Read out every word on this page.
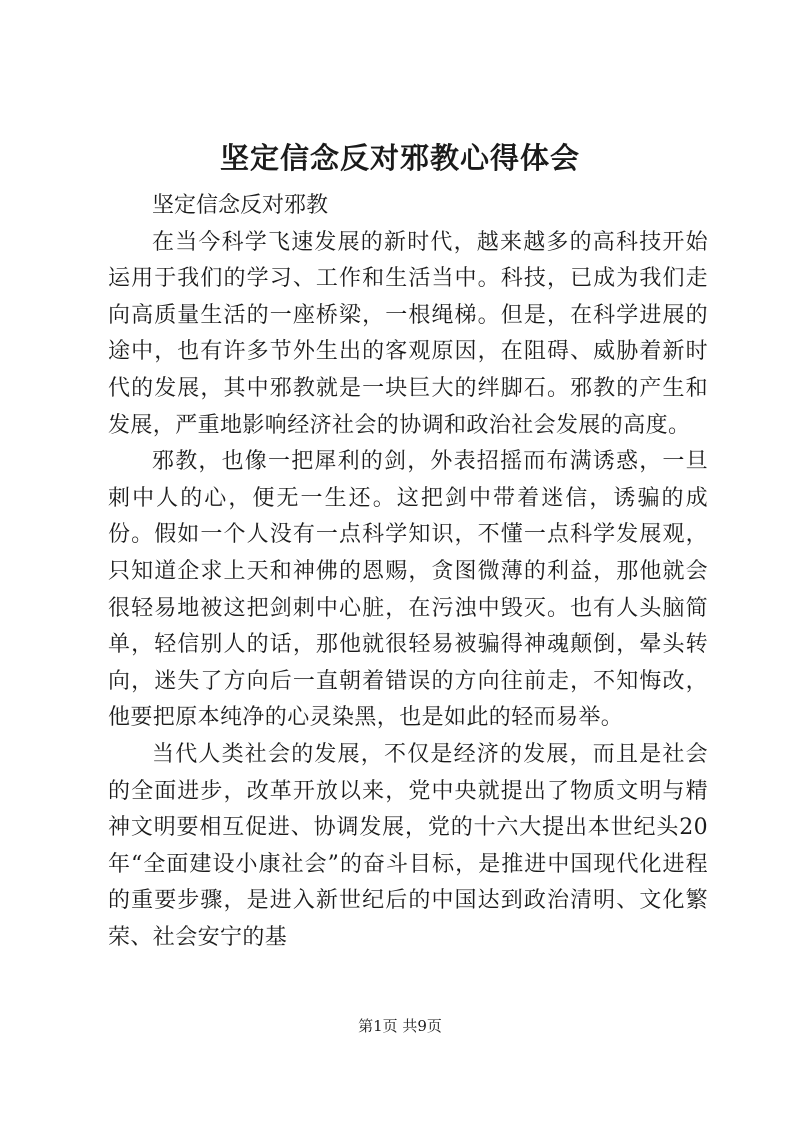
坚定信念反对邪教心得体会

坚定信念反对邪教

在当今科学飞速发展的新时代，越来越多的高科技开始运用于我们的学习、工作和生活当中。科技，已成为我们走向高质量生活的一座桥梁，一根绳梯。但是，在科学进展的途中，也有许多节外生出的客观原因，在阻碍、威胁着新时代的发展，其中邪教就是一块巨大的绊脚石。邪教的产生和发展，严重地影响经济社会的协调和政治社会发展的高度。

邪教，也像一把犀利的剑，外表招摇而布满诱惑，一旦刺中人的心，便无一生还。这把剑中带着迷信，诱骗的成份。假如一个人没有一点科学知识，不懂一点科学发展观，只知道企求上天和神佛的恩赐，贪图微薄的利益，那他就会很轻易地被这把剑刺中心脏，在污浊中毁灭。也有人头脑简单，轻信别人的话，那他就很轻易被骗得神魂颠倒，晕头转向，迷失了方向后一直朝着错误的方向往前走，不知悔改，他要把原本纯净的心灵染黑，也是如此的轻而易举。

当代人类社会的发展，不仅是经济的发展，而且是社会的全面进步，改革开放以来，党中央就提出了物质文明与精神文明要相互促进、协调发展，党的十六大提出本世纪头20年“全面建设小康社会”的奋斗目标，是推进中国现代化进程的重要步骤，是进入新世纪后的中国达到政治清明、文化繁荣、社会安宁的基

第1页 共9页
